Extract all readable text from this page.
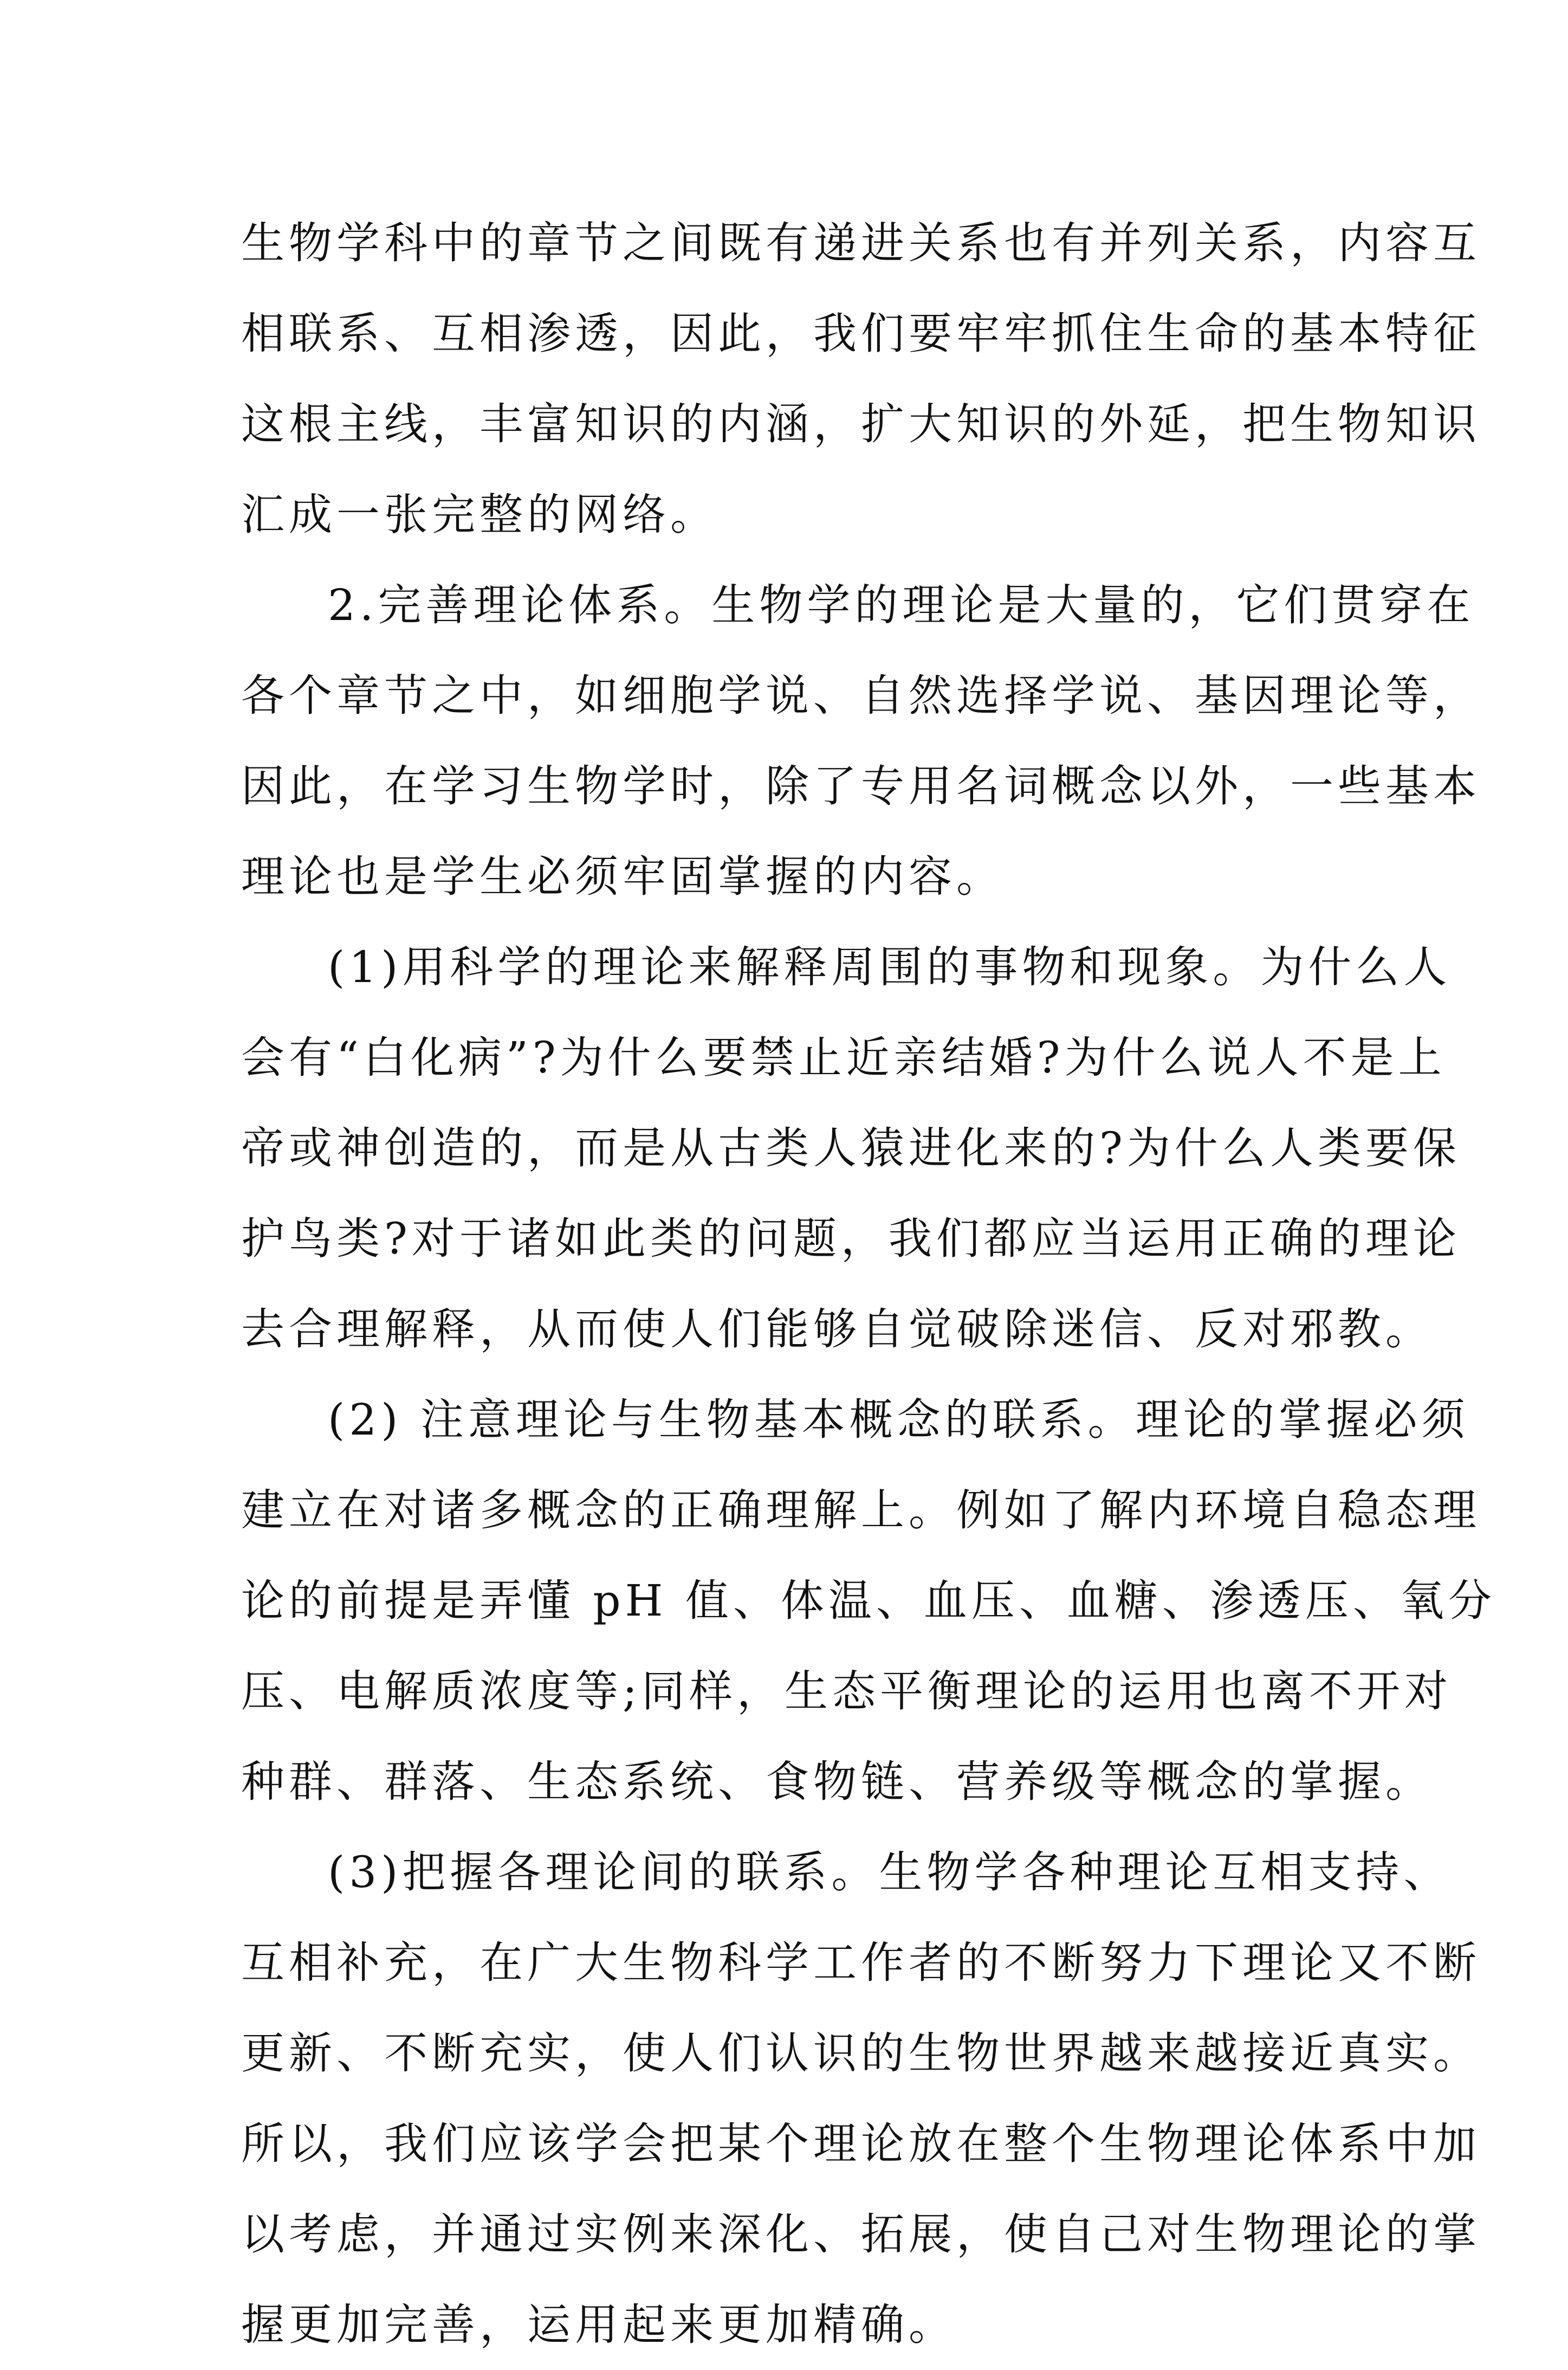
生物学科中的章节之间既有递进关系也有并列关系，内容互
相联系、互相渗透，因此，我们要牢牢抓住生命的基本特征
这根主线，丰富知识的内涵，扩大知识的外延，把生物知识
汇成一张完整的网络。
2.完善理论体系。生物学的理论是大量的，它们贯穿在
各个章节之中，如细胞学说、自然选择学说、基因理论等，
因此，在学习生物学时，除了专用名词概念以外，一些基本
理论也是学生必须牢固掌握的内容。
(1)用科学的理论来解释周围的事物和现象。为什么人
会有“白化病”?为什么要禁止近亲结婚?为什么说人不是上
帝或神创造的，而是从古类人猿进化来的?为什么人类要保
护鸟类?对于诸如此类的问题，我们都应当运用正确的理论
去合理解释，从而使人们能够自觉破除迷信、反对邪教。
(2) 注意理论与生物基本概念的联系。理论的掌握必须
建立在对诸多概念的正确理解上。例如了解内环境自稳态理
论的前提是弄懂 pH 值、体温、血压、血糖、渗透压、氧分
压、电解质浓度等;同样，生态平衡理论的运用也离不开对
种群、群落、生态系统、食物链、营养级等概念的掌握。
(3)把握各理论间的联系。生物学各种理论互相支持、
互相补充，在广大生物科学工作者的不断努力下理论又不断
更新、不断充实，使人们认识的生物世界越来越接近真实。
所以，我们应该学会把某个理论放在整个生物理论体系中加
以考虑，并通过实例来深化、拓展，使自己对生物理论的掌
握更加完善，运用起来更加精确。
